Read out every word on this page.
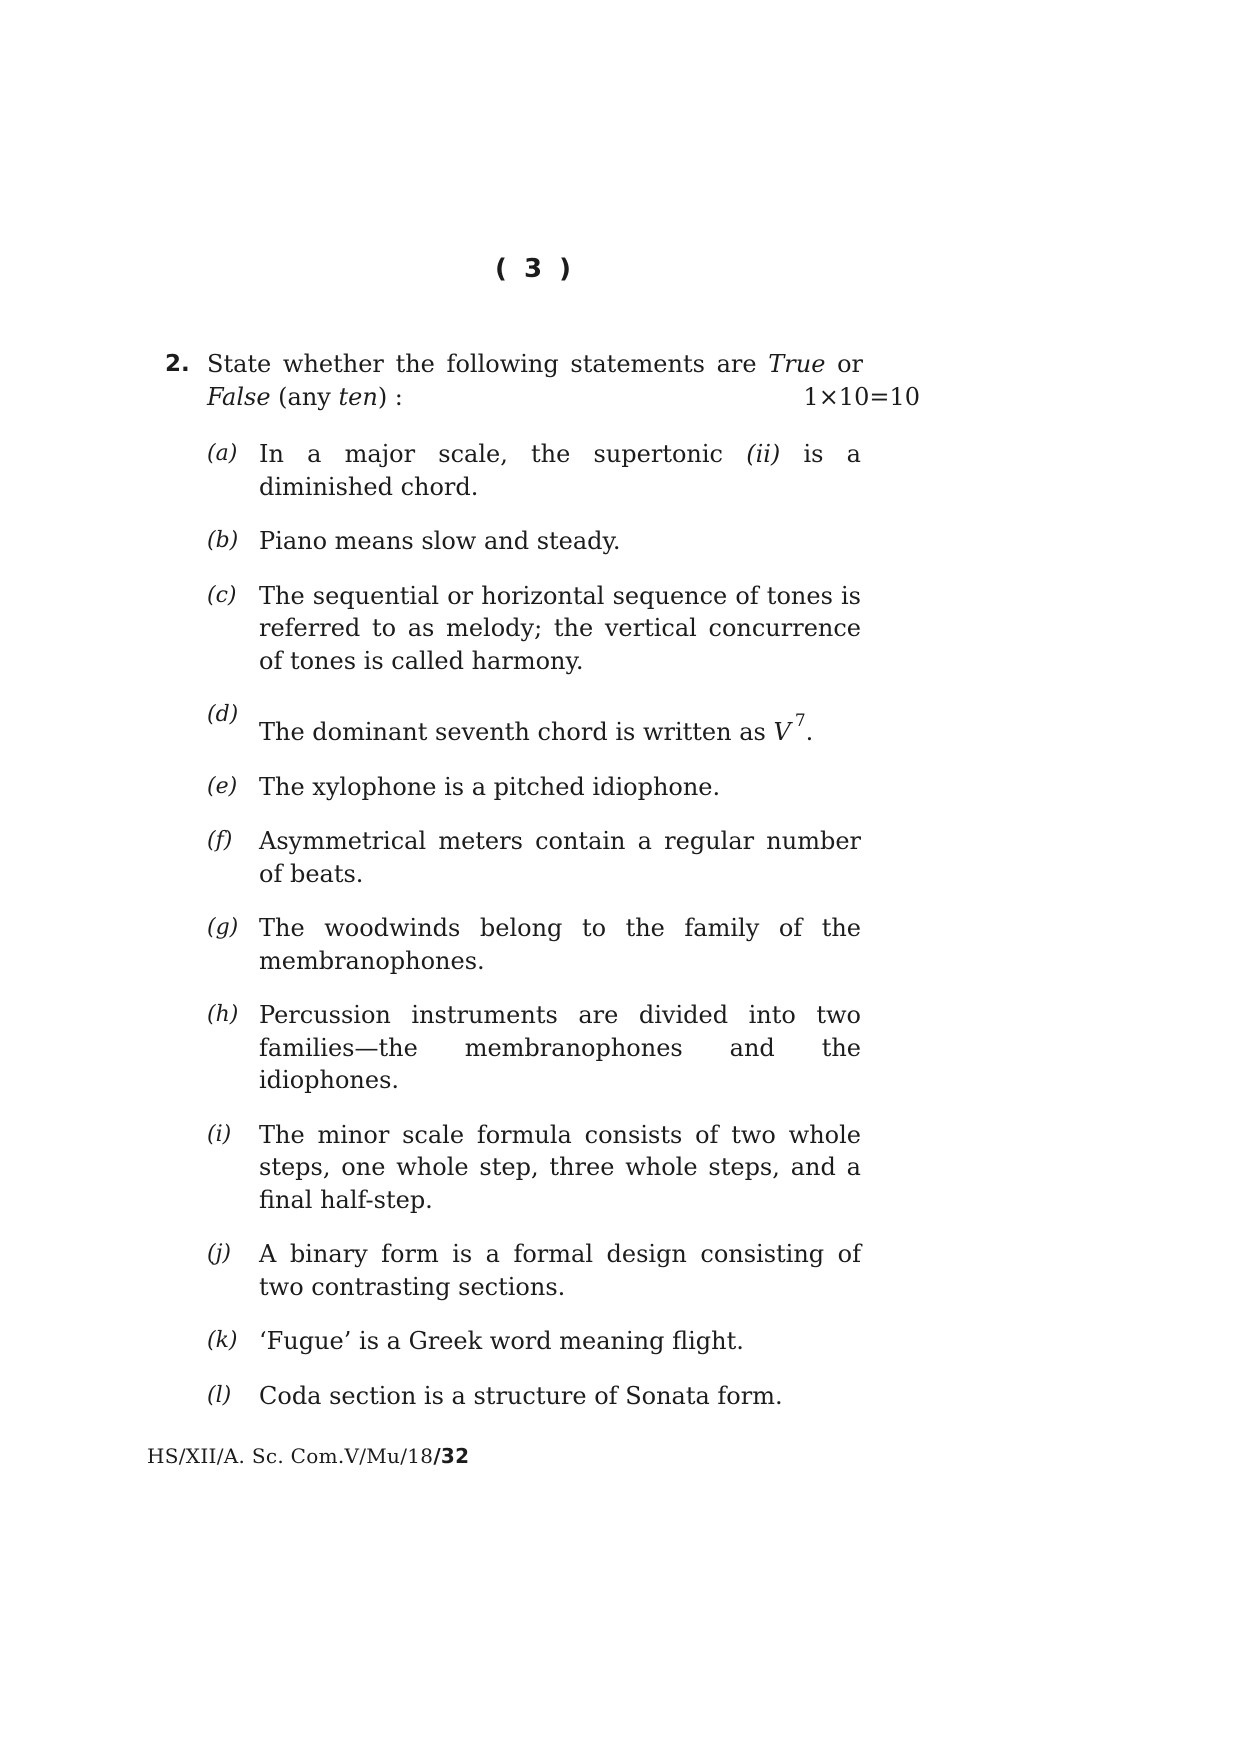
( 3 )
2. State whether the following statements are True or
False (any ten) :	1×10=10
(a) In a major scale, the supertonic (ii) is a diminished chord.
(b) Piano means slow and steady.
(c) The sequential or horizontal sequence of tones is referred to as melody; the vertical concurrence of tones is called harmony.
(d)
The dominant seventh chord is written as V $^7$.
(e) The xylophone is a pitched idiophone.
(f) Asymmetrical meters contain a regular number of beats.
(g) The woodwinds belong to the family of the membranophones.
(h) Percussion instruments are divided into two families—the membranophones and the idiophones.
(i) The minor scale formula consists of two whole steps, one whole step, three whole steps, and a final half-step.
(j) A binary form is a formal design consisting of two contrasting sections.
(k) ‘Fugue’ is a Greek word meaning flight.
(l) Coda section is a structure of Sonata form.
HS/XII/A. Sc. Com.V/Mu/18/32
